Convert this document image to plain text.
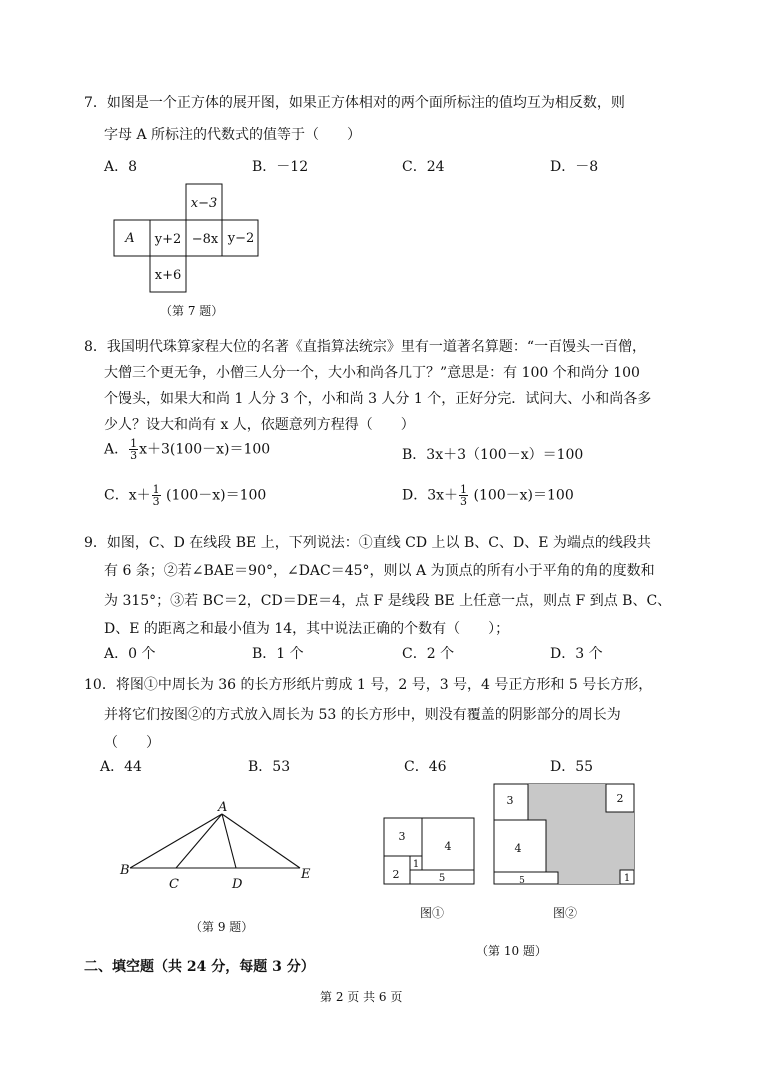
7．如图是一个正方体的展开图，如果正方体相对的两个面所标注的值均互为相反数，则
字母 A 所标注的代数式的值等于（　　）
A．8	B．－12	C．24	D．－8
x−3
A y+2 −8x y−2
x+6
（第 7 题）
8．我国明代珠算家程大位的名著《直指算法统宗》里有一道著名算题：“一百馒头一百僧，
大僧三个更无争，小僧三人分一个，大小和尚各几丁？”意思是：有 100 个和尚分 100
个馒头，如果大和尚 1 人分 3 个，小和尚 3 人分 1 个，正好分完．试问大、小和尚各多
少人？设大和尚有 x 人，依题意列方程得（　　）
A． $\frac{1}{3} x+3(100-x)=100$	B．3x＋3（100－x）＝100
C．$x+ \frac{1}{3} (100-x)=100$	D．$3x+ \frac{1}{3} (100-x)=100$
9．如图，C、D 在线段 BE 上，下列说法：①直线 CD 上以 B、C、D、E 为端点的线段共
有 6 条；②若∠BAE＝90°，∠DAC＝45°，则以 A 为顶点的所有小于平角的角的度数和
为 315°；③若 BC＝2，CD＝DE＝4，点 F 是线段 BE 上任意一点，则点 F 到点 B、C、
D、E 的距离之和最小值为 14，其中说法正确的个数有（　　）；
A．0 个	B．1 个	C．2 个	D．3 个
10．将图①中周长为 36 的长方形纸片剪成 1 号，2 号，3 号，4 号正方形和 5 号长方形，
并将它们按图②的方式放入周长为 53 的长方形中，则没有覆盖的阴影部分的周长为
（　　）
A．44	B．53	C．46	D．55
A
B
C	D
E
（第 9 题）
3
4
1
2	5
图①
3
4
2
1
5
图②
（第 10 题）
二、填空题（共 24 分，每题 3 分）
第 2 页 共 6 页
